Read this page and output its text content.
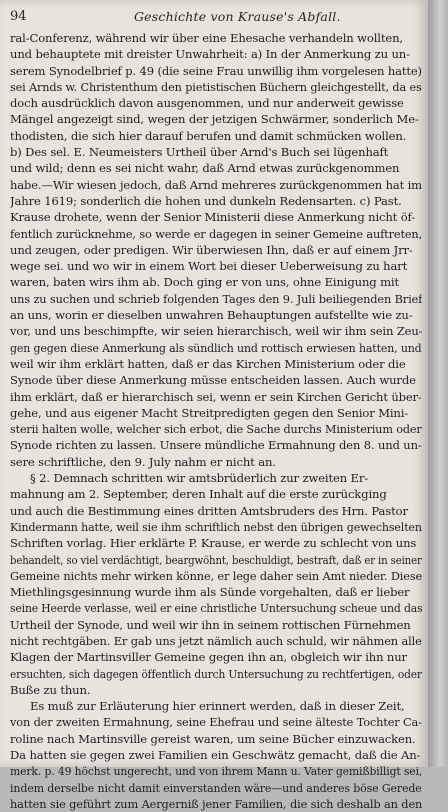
94	Geschichte von Krause's Abfall.
ral-Conferenz, während wir über eine Ehesache verhandeln wollten,
und behauptete mit dreister Unwahrheit: a) In der Anmerkung zu un-
serem Synodelbrief p. 49 (die seine Frau unwillig ihm vorgelesen hatte)
sei Arnds w. Christenthum den pietistischen Büchern gleichgestellt, da es
doch ausdrücklich davon ausgenommen, und nur anderweit gewisse
Mängel angezeigt sind, wegen der jetzigen Schwärmer, sonderlich Me-
thodisten, die sich hier darauf berufen und damit schmücken wollen.
b) Des sel. E. Neumeisters Urtheil über Arnd's Buch sei lügenhaft
und wild; denn es sei nicht wahr, daß Arnd etwas zurückgenommen
habe.—Wir wiesen jedoch, daß Arnd mehreres zurückgenommen hat im
Jahre 1619; sonderlich die hohen und dunkeln Redensarten. c) Past.
Krause drohete, wenn der Senior Ministerii diese Anmerkung nicht öf-
fentlich zurücknehme, so werde er dagegen in seiner Gemeine auftreten,
und zeugen, oder predigen. Wir überwiesen Ihn, daß er auf einem Jrr-
wege sei. und wo wir in einem Wort bei dieser Ueberweisung zu hart
waren, baten wirs ihm ab. Doch ging er von uns, ohne Einigung mit
uns zu suchen und schrieb folgenden Tages den 9. Juli beiliegenden Brief
an uns, worin er dieselben unwahren Behauptungen aufstellte wie zu-
vor, und uns beschimpfte, wir seien hierarchisch, weil wir ihm sein Zeu-
gen gegen diese Anmerkung als sündlich und rottisch erwiesen hatten, und
weil wir ihm erklärt hatten, daß er das Kirchen Ministerium oder die
Synode über diese Anmerkung müsse entscheiden lassen. Auch wurde
ihm erklärt, daß er hierarchisch sei, wenn er sein Kirchen Gericht über-
gehe, und aus eigener Macht Streitpredigten gegen den Senior Mini-
sterii halten wolle, welcher sich erbot, die Sache durchs Ministerium oder
Synode richten zu lassen. Unsere mündliche Ermahnung den 8. und un-
sere schriftliche, den 9. July nahm er nicht an.
§ 2. Demnach schritten wir amtsbrüderlich zur zweiten Er-
mahnung am 2. September, deren Inhalt auf die erste zurückging
und auch die Bestimmung eines dritten Amtsbruders des Hrn. Pastor
Kindermann hatte, weil sie ihm schriftlich nebst den übrigen gewechselten
Schriften vorlag. Hier erklärte P. Krause, er werde zu schlecht von uns
behandelt, so viel verdächtigt, beargwöhnt, beschuldigt, bestraft, daß er in seiner
Gemeine nichts mehr wirken könne, er lege daher sein Amt nieder. Diese
Miethlingsgesinnung wurde ihm als Sünde vorgehalten, daß er lieber
seine Heerde verlasse, weil er eine christliche Untersuchung scheue und das
Urtheil der Synode, und weil wir ihn in seinem rottischen Fürnehmen
nicht rechtgäben. Er gab uns jetzt nämlich auch schuld, wir nähmen alle
Klagen der Martinsviller Gemeine gegen ihn an, obgleich wir ihn nur
ersuchten, sich dagegen öffentlich durch Untersuchung zu rechtfertigen, oder
Buße zu thun.
Es muß zur Erläuterung hier erinnert werden, daß in dieser Zeit,
von der zweiten Ermahnung, seine Ehefrau und seine älteste Tochter Ca-
roline nach Martinsville gereist waren, um seine Bücher einzuwacken.
Da hatten sie gegen zwei Familien ein Geschwätz gemacht, daß die An-
merk. p. 49 höchst ungerecht, und von ihrem Mann u. Vater gemißbilligt sei,
indem derselbe nicht damit einverstanden wäre—und anderes böse Gerede
hatten sie geführt zum Aergerniß jener Familien, die sich deshalb an den
